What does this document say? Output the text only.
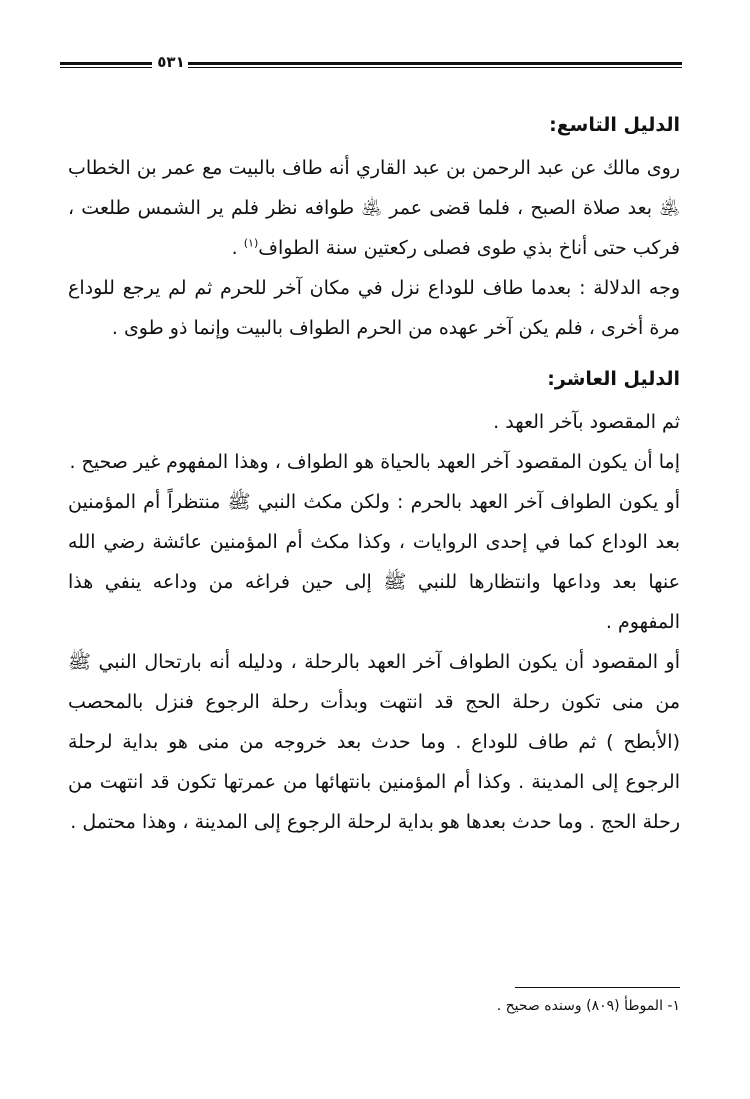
٥٣١

الدليل التاسع:

روى مالك عن عبد الرحمن بن عبد القاري أنه طاف بالبيت مع عمر بن الخطاب ﵁ بعد صلاة الصبح ، فلما قضى عمر ﵁ طوافه نظر فلم ير الشمس طلعت ، فركب حتى أناخ بذي طوى فصلى ركعتين سنة الطواف$^{(١)}$ .

وجه الدلالة : بعدما طاف للوداع نزل في مكان آخر للحرم ثم لم يرجع للوداع مرة أخرى ، فلم يكن آخر عهده من الحرم الطواف بالبيت وإنما ذو طوى .

الدليل العاشر:

ثم المقصود بآخر العهد .

إما أن يكون المقصود آخر العهد بالحياة هو الطواف ، وهذا المفهوم غير صحيح .

أو يكون الطواف آخر العهد بالحرم : ولكن مكث النبي ﷺ منتظراً أم المؤمنين بعد الوداع كما في إحدى الروايات ، وكذا مكث أم المؤمنين عائشة رضي الله عنها بعد وداعها وانتظارها للنبي ﷺ إلى حين فراغه من وداعه ينفي هذا المفهوم .

أو المقصود أن يكون الطواف آخر العهد بالرحلة ، ودليله أنه بارتحال النبي ﷺ من منى تكون رحلة الحج قد انتهت وبدأت رحلة الرجوع فنزل بالمحصب (الأبطح ) ثم طاف للوداع . وما حدث بعد خروجه من منى هو بداية لرحلة الرجوع إلى المدينة . وكذا أم المؤمنين بانتهائها من عمرتها تكون قد انتهت من رحلة الحج . وما حدث بعدها هو بداية لرحلة الرجوع إلى المدينة ، وهذا محتمل .

١- الموطأ (٨٠٩) وسنده صحيح .
